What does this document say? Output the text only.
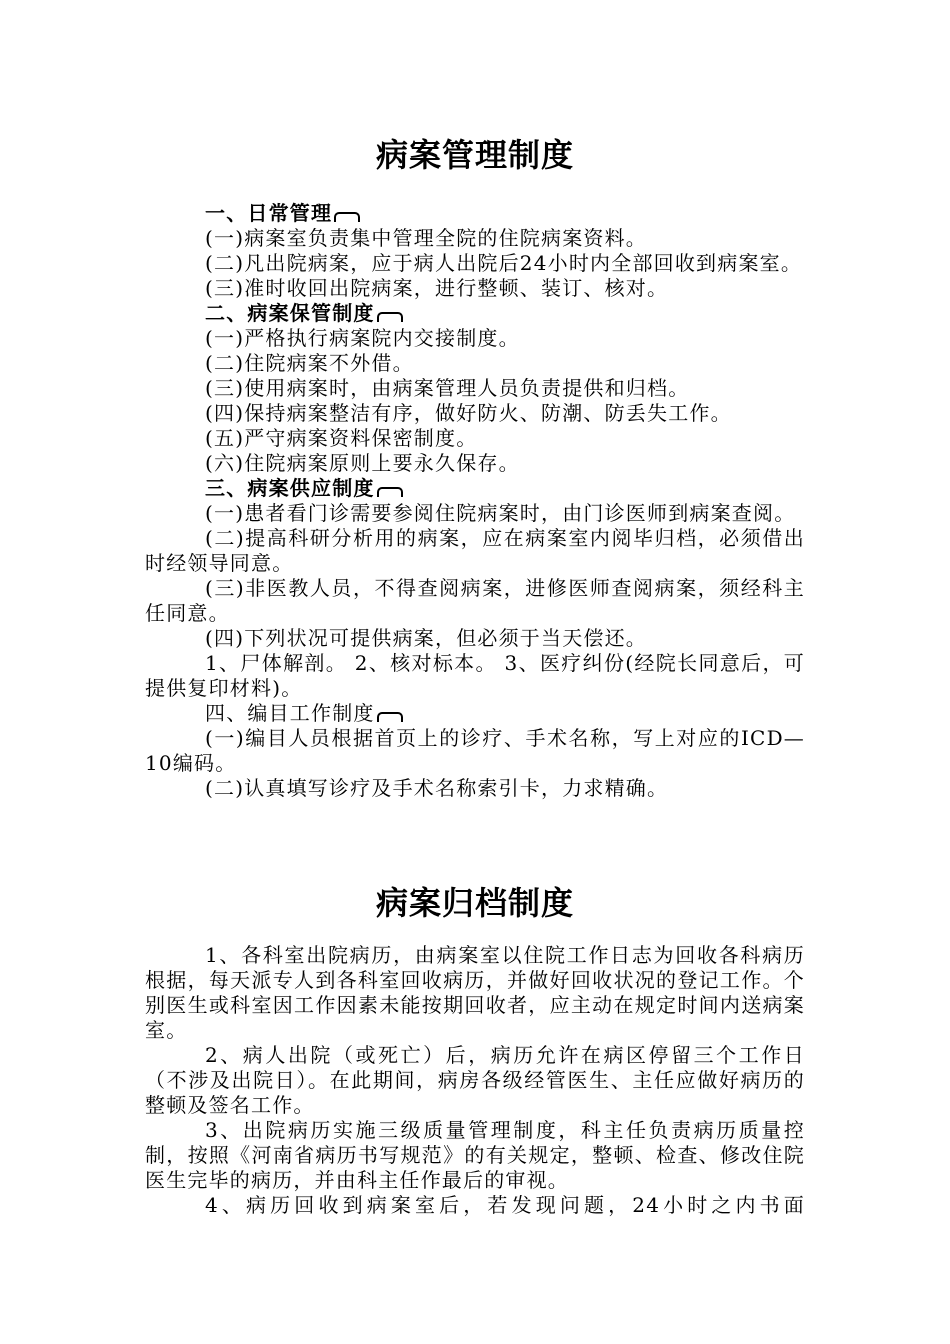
病案管理制度

一、日常管理

(一)病案室负责集中管理全院的住院病案资料。

(二)凡出院病案，应于病人出院后24小时内全部回收到病案室。

(三)准时收回出院病案，进行整顿、装订、核对。

二、病案保管制度

(一)严格执行病案院内交接制度。

(二)住院病案不外借。

(三)使用病案时，由病案管理人员负责提供和归档。

(四)保持病案整洁有序，做好防火、防潮、防丢失工作。

(五)严守病案资料保密制度。

(六)住院病案原则上要永久保存。

三、病案供应制度

(一)患者看门诊需要参阅住院病案时，由门诊医师到病案查阅。

(二)提高科研分析用的病案，应在病案室内阅毕归档，必须借出时经领导同意。

(三)非医教人员，不得查阅病案，进修医师查阅病案，须经科主任同意。

(四)下列状况可提供病案，但必须于当天偿还。

1、尸体解剖。 2、核对标本。 3、医疗纠份(经院长同意后，可提供复印材料)。

四、编目工作制度

(一)编目人员根据首页上的诊疗、手术名称，写上对应的ICD—10编码。

(二)认真填写诊疗及手术名称索引卡，力求精确。

病案归档制度

1、各科室出院病历，由病案室以住院工作日志为回收各科病历根据，每天派专人到各科室回收病历，并做好回收状况的登记工作。个别医生或科室因工作因素未能按期回收者，应主动在规定时间内送病案室。

2、病人出院（或死亡）后，病历允许在病区停留三个工作日（不涉及出院日）。在此期间，病房各级经管医生、主任应做好病历的整顿及签名工作。

3、出院病历实施三级质量管理制度，科主任负责病历质量控制，按照《河南省病历书写规范》的有关规定，整顿、检查、修改住院医生完毕的病历，并由科主任作最后的审视。

4、病历回收到病案室后，若发现问题，24小时之内书面
